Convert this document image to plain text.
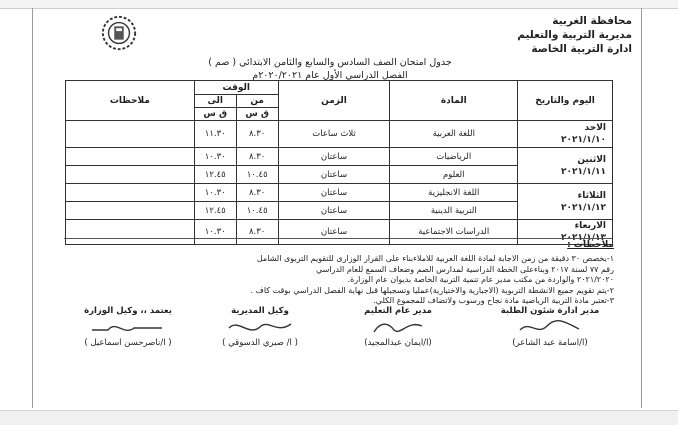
محافظة الغربية
مديرية التربية والتعليم
ادارة التربية الخاصة
جدول امتحان الصف السادس والسابع والثامن الابتدائي ( صم )
الفصل الدراسي الأول عام ٢٠٢٠/٢٠٢١م
اليوم والتاريخ	المادة	الزمن	الوقت		ملاحظات
			من	الى	
			ق س	ق س	

الاحد
٢٠٢١/١/١٠	اللغة العربية	ثلاث ساعات	٨.٣٠	١١.٣٠	

الاثنين
٢٠٢١/١/١١	الرياضيات	ساعتان	٨.٣٠	١٠.٣٠	
	العلوم	ساعتان	١٠.٤٥	١٢.٤٥	

الثلاثاء
٢٠٢١/١/١٢	اللغة الانجليزية	ساعتان	٨.٣٠	١٠.٣٠	
	التربية الدينية	ساعتان	١٠.٤٥	١٢.٤٥	

الاربعاء
٢٠٢١/١/١٣	الدراسات الاجتماعية	ساعتان	٨.٣٠	١٠.٣٠	
ملاحظات :
١-يخصص ٣٠ دقيقة من زمن الاجابة لمادة اللغة العربية للاملاءبناء على القرار الوزارى للتقويم التربوى الشامل
رقم ٧٧ لسنة ٢٠١٧ وبناءعلى الخطة الدراسية لمدارس الصم وضعاف السمع للعام الدراسي
٢٠٢١/٢٠٢٠ والواردة من مكتب مدير عام تنمية التربية الخاصة بديوان عام الوزارة.
٢-يتم تقويم جميع الانشطة التربوية (الاجبارية والاختيارية)عمليا وتسجيلها قبل نهاية الفصل الدراسي بوقت كاف .
٣-تعتبر مادة التربية الرياضية مادة نجاح ورسوب ولاتضاف للمجموع الكلي.
مدير ادارة شئون الطلبة
(ا/اسامة عبد الشاعر)
مدير عام التعليم
(ا/ايمان عبدالمجيد)
وكيل المديرية
( ا/ صبري الدسوقي )
يعتمد ،، وكيل الوزارة
( ا/ناصرحسن اسماعيل )
